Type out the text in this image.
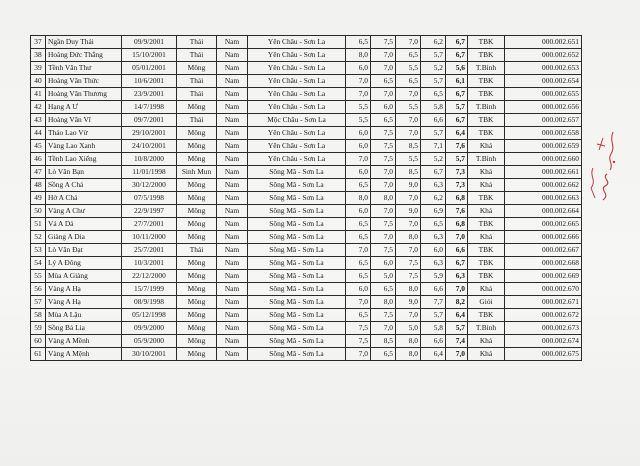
37	Ngần Duy Thái	09/9/2001	Thái	Nam	Yên Châu - Sơn La	6,5	7,5	7,0	6,2	6,7	TBK	000.002.651
38	Hoàng Đức Thắng	15/10/2001	Thái	Nam	Yên Châu - Sơn La	8,0	7,0	6,5	5,7	6,7	TBK	000.002.652
39	Tềnh Văn Thư	05/01/2001	Mông	Nam	Yên Châu - Sơn La	6,0	7,0	5,5	5,2	5,6	T.Bình	000.002.653
40	Hoàng Văn Thức	10/6/2001	Thái	Nam	Yên Châu - Sơn La	7,0	6,5	6,5	5,7	6,1	TBK	000.002.654
41	Hoàng Văn Thương	23/9/2001	Thái	Nam	Yên Châu - Sơn La	7,0	7,0	7,0	6,5	6,7	TBK	000.002.655
42	Hạng A Ư	14/7/1998	Mông	Nam	Yên Châu - Sơn La	5,5	6,0	5,5	5,8	5,7	T.Bình	000.002.656
43	Hoàng Văn Vĩ	09/7/2001	Thái	Nam	Mộc Châu - Sơn La	5,5	6,5	7,0	6,6	6,7	TBK	000.002.657
44	Thảo Lao Vừ	29/10/2001	Mông	Nam	Yên Châu - Sơn La	6,0	7,5	7,0	5,7	6,4	TBK	000.002.658
45	Vàng Lao Xanh	24/10/2001	Mông	Nam	Yên Châu - Sơn La	6,0	7,5	8,5	7,1	7,6	Khá	000.002.659
46	Tềnh Lao Xiểng	10/8/2000	Mông	Nam	Yên Châu - Sơn La	7,0	7,5	5,5	5,2	5,7	T.Bình	000.002.660
47	Lò Văn Bạn	11/01/1998	Sinh Mun	Nam	Sông Mã - Sơn La	6,0	7,0	8,5	6,7	7,3	Khá	000.002.661
48	Sồng A Chả	30/12/2000	Mông	Nam	Sông Mã - Sơn La	6,5	7,0	9,0	6,3	7,3	Khá	000.002.662
49	Hờ A Chả	07/5/1998	Mông	Nam	Sông Mã - Sơn La	8,0	8,0	7,0	6,2	6,8	TBK	000.002.663
50	Vàng A Chư	22/9/1997	Mông	Nam	Sông Mã - Sơn La	6,0	7,0	9,0	6,9	7,6	Khá	000.002.664
51	Vá A Dả	27/7/2001	Mông	Nam	Sông Mã - Sơn La	6,5	7,5	7,0	6,5	6,8	TBK	000.002.665
52	Giàng A Dia	10/11/2000	Mông	Nam	Sông Mã - Sơn La	6,5	7,0	8,0	6,3	7,0	Khá	000.002.666
53	Lò Văn Đạt	25/7/2001	Thái	Nam	Sông Mã - Sơn La	7,0	7,5	7,0	6,0	6,6	TBK	000.002.667
54	Lý A Đông	10/3/2001	Mông	Nam	Sông Mã - Sơn La	6,5	6,0	7,5	6,3	6,7	TBK	000.002.668
55	Mùa A Giàng	22/12/2000	Mông	Nam	Sông Mã - Sơn La	6,5	5,0	7,5	5,9	6,3	TBK	000.002.669
56	Vàng A Hạ	15/7/1999	Mông	Nam	Sông Mã - Sơn La	6,0	6,5	8,0	6,6	7,0	Khá	000.002.670
57	Vàng A Hạ	08/9/1998	Mông	Nam	Sông Mã - Sơn La	7,0	8,0	9,0	7,7	8,2	Giỏi	000.002.671
58	Mùa A Lậu	05/12/1998	Mông	Nam	Sông Mã - Sơn La	6,5	7,5	7,0	5,7	6,4	TBK	000.002.672
59	Sồng Bả Lia	09/9/2000	Mông	Nam	Sông Mã - Sơn La	7,5	7,0	5,0	5,8	5,7	T.Bình	000.002.673
60	Vàng A Mềnh	05/9/2000	Mông	Nam	Sông Mã - Sơn La	7,5	8,5	8,0	6,6	7,4	Khá	000.002.674
61	Vàng A Mệnh	30/10/2001	Mông	Nam	Sông Mã - Sơn La	7,0	6,5	8,0	6,4	7,0	Khá	000.002.675
